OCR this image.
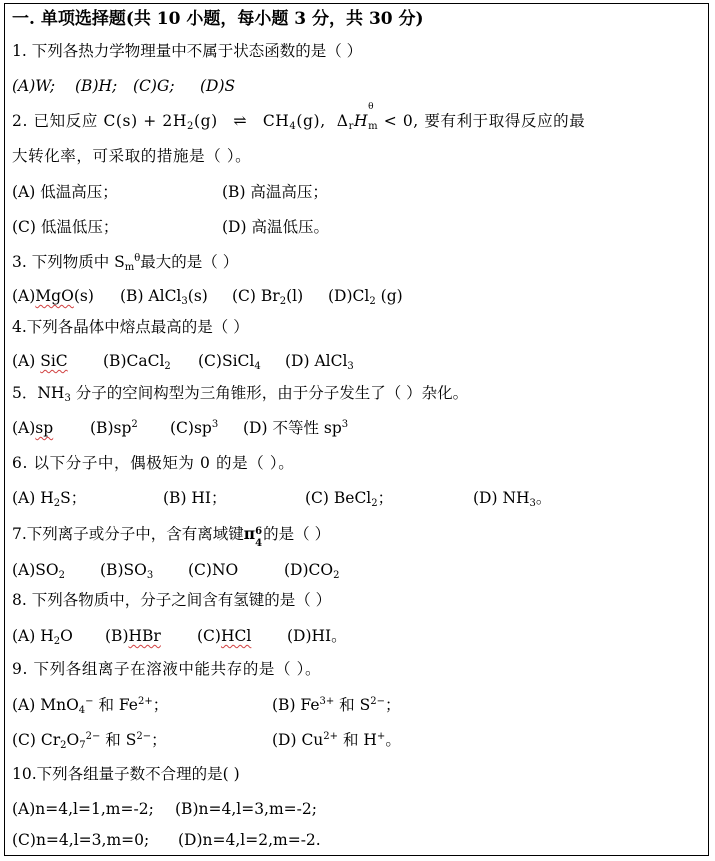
一. 单项选择题(共 10 小题，每小题 3 分，共 30 分)
1. 下列各热力学物理量中不属于状态函数的是（ ）
(A)W; (B)H; (C)G; (D)S
2. 已知反应 $C(s) + 2H_2(g)$ ⇌ $CH_4(g)$, $\Delta_rH_{m \theta}$
< 0, 要有利于取得反应的最
大转化率，可采取的措施是（ ）。
(A) 低温高压；	(B) 高温高压；
(C) 低温低压；	(D) 高温低压。
3. 下列物质中 $S_m^\theta$最大的是（ ）
(A)MgO(s) (B) AlCl$_3$(s) (C) $Br_2(l)$ $(D)Cl_2$ (g)
4.下列各晶体中熔点最高的是（ ）
(A) SiC (B)CaCl$_2$ (C)SiCl$_4$ (D) AlCl$_3$
5．$NH_3$ 分子的空间构型为三角锥形，由于分子发生了（ ）杂化。
(A)sp $(B)sp^2$ $(C)sp^3$ (D) 不等性 $sp^3$
6. 以下分子中，偶极矩为 0 的是（ ）。
(A) $H_2S$；	(B) HI；	(C) BeCl$_2$；	(D) $NH_3$。
7.下列离子或分子中，含有离域键π 6
4
的是（ ）
$(A)SO_2$ $(B)SO_3$ (C)NO	$(D)CO_2$
8. 下列各物质中，分子之间含有氢键的是（ ）
(A) $H_2O$ (B)HBr (C)HCl (D)HI。
9. 下列各组离子在溶液中能共存的是（ ）。
(A) MnO$_4$− 和 $Fe^{2+}$；	(B) $Fe^{3+}$ 和 $S^{2-}$；
(C) $Cr_2O_7^{2-}$ 和 $S^{2-}$；	(D) $Cu^{2+}$ 和 H+。
10.下列各组量子数不合理的是( )
(A)n=4,l=1,m=-2; (B)n=4,l=3,m=-2;
(C)n=4,l=3,m=0; (D)n=4,l=2,m=-2.
